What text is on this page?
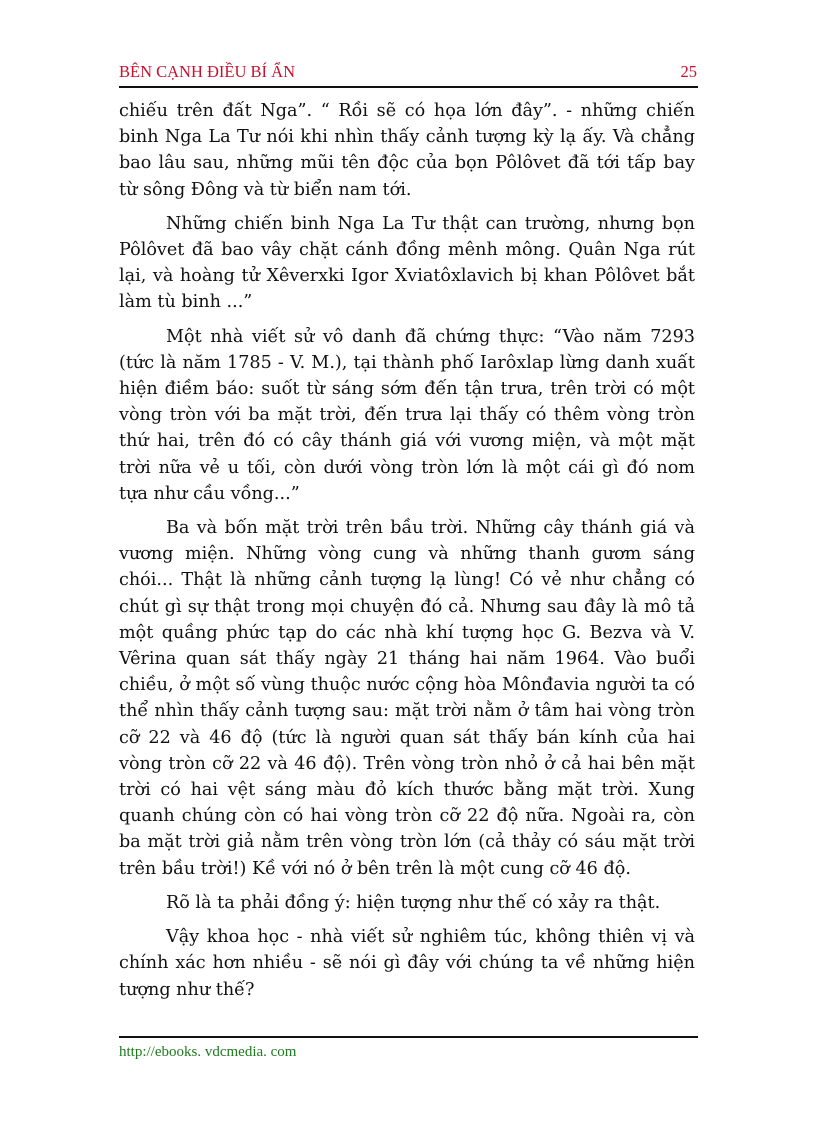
BÊN CẠNH ĐIỀU BÍ ẨN	25

chiếu trên đất Nga”. “ Rồi sẽ có họa lớn đây”. - những chiến binh Nga La Tư nói khi nhìn thấy cảnh tượng kỳ lạ ấy. Và chẳng bao lâu sau, những mũi tên độc của bọn Pôlôvet đã tới tấp bay từ sông Đông và từ biển nam tới.

Những chiến binh Nga La Tư thật can trường, nhưng bọn Pôlôvet đã bao vây chặt cánh đồng mênh mông. Quân Nga rút lại, và hoàng tử Xêverxki Igor Xviatôxlavich bị khan Pôlôvet bắt làm tù binh ...”

Một nhà viết sử vô danh đã chứng thực: “Vào năm 7293 (tức là năm 1785 - V. M.), tại thành phố Iarôxlap lừng danh xuất hiện điềm báo: suốt từ sáng sớm đến tận trưa, trên trời có một vòng tròn với ba mặt trời, đến trưa lại thấy có thêm vòng tròn thứ hai, trên đó có cây thánh giá với vương miện, và một mặt trời nữa vẻ u tối, còn dưới vòng tròn lớn là một cái gì đó nom tựa như cầu vồng...”

Ba và bốn mặt trời trên bầu trời. Những cây thánh giá và vương miện. Những vòng cung và những thanh gươm sáng chói... Thật là những cảnh tượng lạ lùng! Có vẻ như chẳng có chút gì sự thật trong mọi chuyện đó cả. Nhưng sau đây là mô tả một quầng phức tạp do các nhà khí tượng học G. Bezva và V. Vêrina quan sát thấy ngày 21 tháng hai năm 1964. Vào buổi chiều, ở một số vùng thuộc nước cộng hòa Mônđavia người ta có thể nhìn thấy cảnh tượng sau: mặt trời nằm ở tâm hai vòng tròn cỡ 22 và 46 độ (tức là người quan sát thấy bán kính của hai vòng tròn cỡ 22 và 46 độ). Trên vòng tròn nhỏ ở cả hai bên mặt trời có hai vệt sáng màu đỏ kích thước bằng mặt trời. Xung quanh chúng còn có hai vòng tròn cỡ 22 độ nữa. Ngoài ra, còn ba mặt trời giả nằm trên vòng tròn lớn (cả thảy có sáu mặt trời trên bầu trời!) Kề với nó ở bên trên là một cung cỡ 46 độ.

Rõ là ta phải đồng ý: hiện tượng như thế có xảy ra thật.

Vậy khoa học - nhà viết sử nghiêm túc, không thiên vị và chính xác hơn nhiều - sẽ nói gì đây với chúng ta về những hiện tượng như thế?

http://ebooks. vdcmedia. com
